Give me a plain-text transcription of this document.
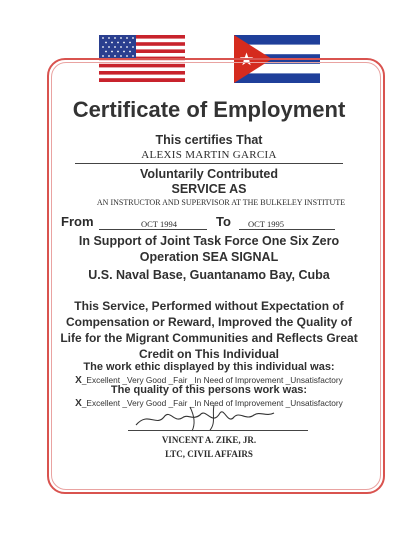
Certificate of Employment
This certifies That
ALEXIS MARTIN GARCIA
Voluntarily Contributed
SERVICE AS
AN INSTRUCTOR AND SUPERVISOR AT THE BULKELEY INSTITUTE
From	OCT 1994	To OCT 1995
In Support of Joint Task Force One Six Zero
Operation SEA SIGNAL
U.S. Naval Base, Guantanamo Bay, Cuba
This Service, Performed without Expectation of
Compensation or Reward, Improved the Quality of
Life for the Migrant Communities and Reflects Great
Credit on This Individual
The work ethic displayed by this individual was:
X_Excellent _Very Good _Fair _In Need of Improvement _Unsatisfactory
The quality of this persons work was:
X_Excellent _Very Good _Fair _In Need of Improvement _Unsatisfactory
VINCENT A. ZIKE, JR.
LTC, CIVIL AFFAIRS
